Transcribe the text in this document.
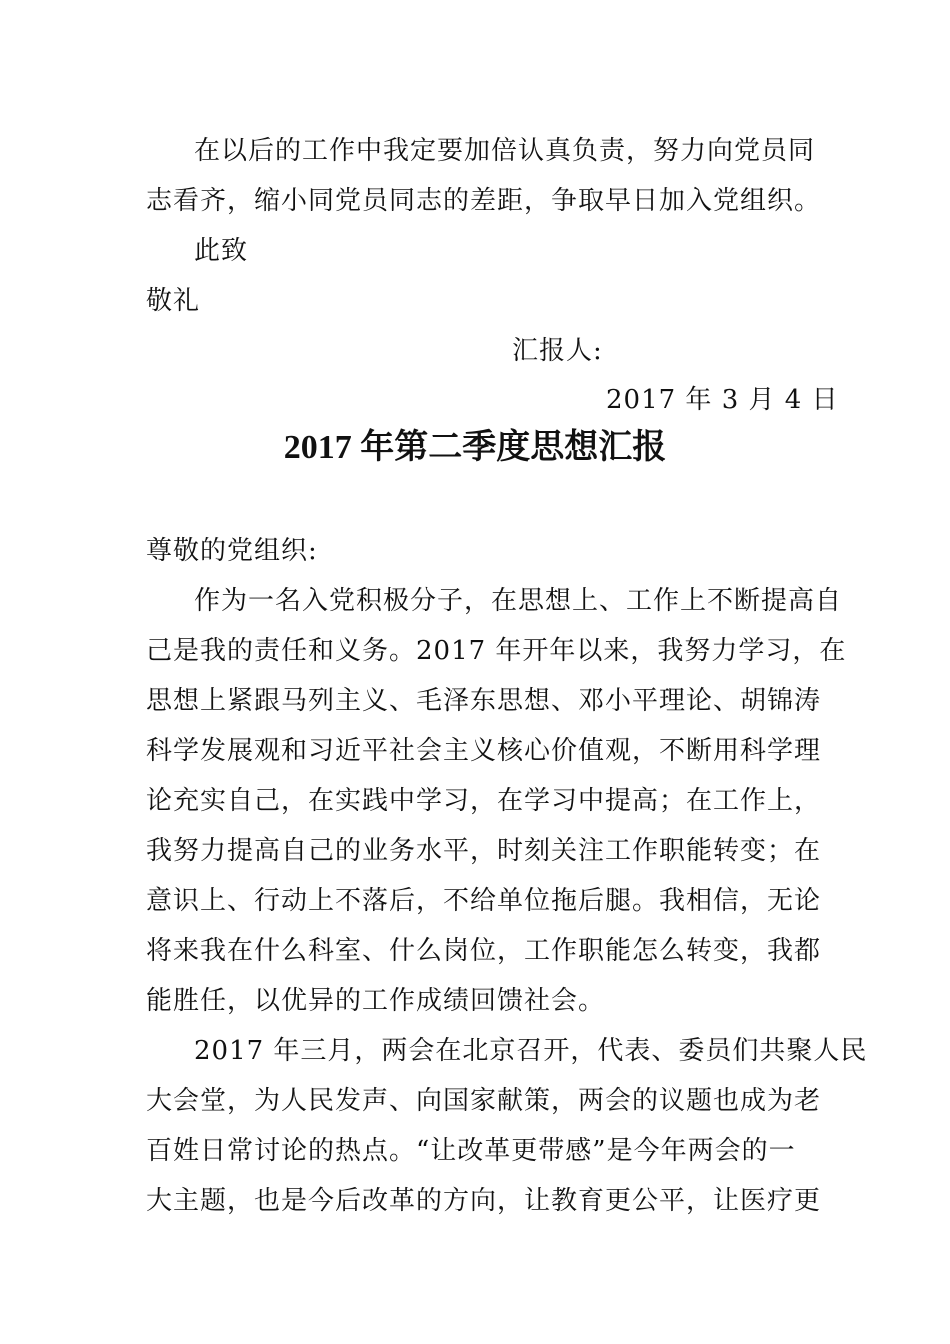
在以后的工作中我定要加倍认真负责，努力向党员同
志看齐，缩小同党员同志的差距，争取早日加入党组织。
此致
敬礼
汇报人:
2017 年 3 月 4 日
2017 年第二季度思想汇报
尊敬的党组织:
作为一名入党积极分子，在思想上、工作上不断提高自
己是我的责任和义务。2017 年开年以来，我努力学习，在
思想上紧跟马列主义、毛泽东思想、邓小平理论、胡锦涛
科学发展观和习近平社会主义核心价值观，不断用科学理
论充实自己，在实践中学习，在学习中提高；在工作上，
我努力提高自己的业务水平，时刻关注工作职能转变；在
意识上、行动上不落后，不给单位拖后腿。我相信，无论
将来我在什么科室、什么岗位，工作职能怎么转变，我都
能胜任，以优异的工作成绩回馈社会。
2017 年三月，两会在北京召开，代表、委员们共聚人民
大会堂，为人民发声、向国家献策，两会的议题也成为老
百姓日常讨论的热点。“让改革更带感”是今年两会的一
大主题，也是今后改革的方向，让教育更公平，让医疗更
